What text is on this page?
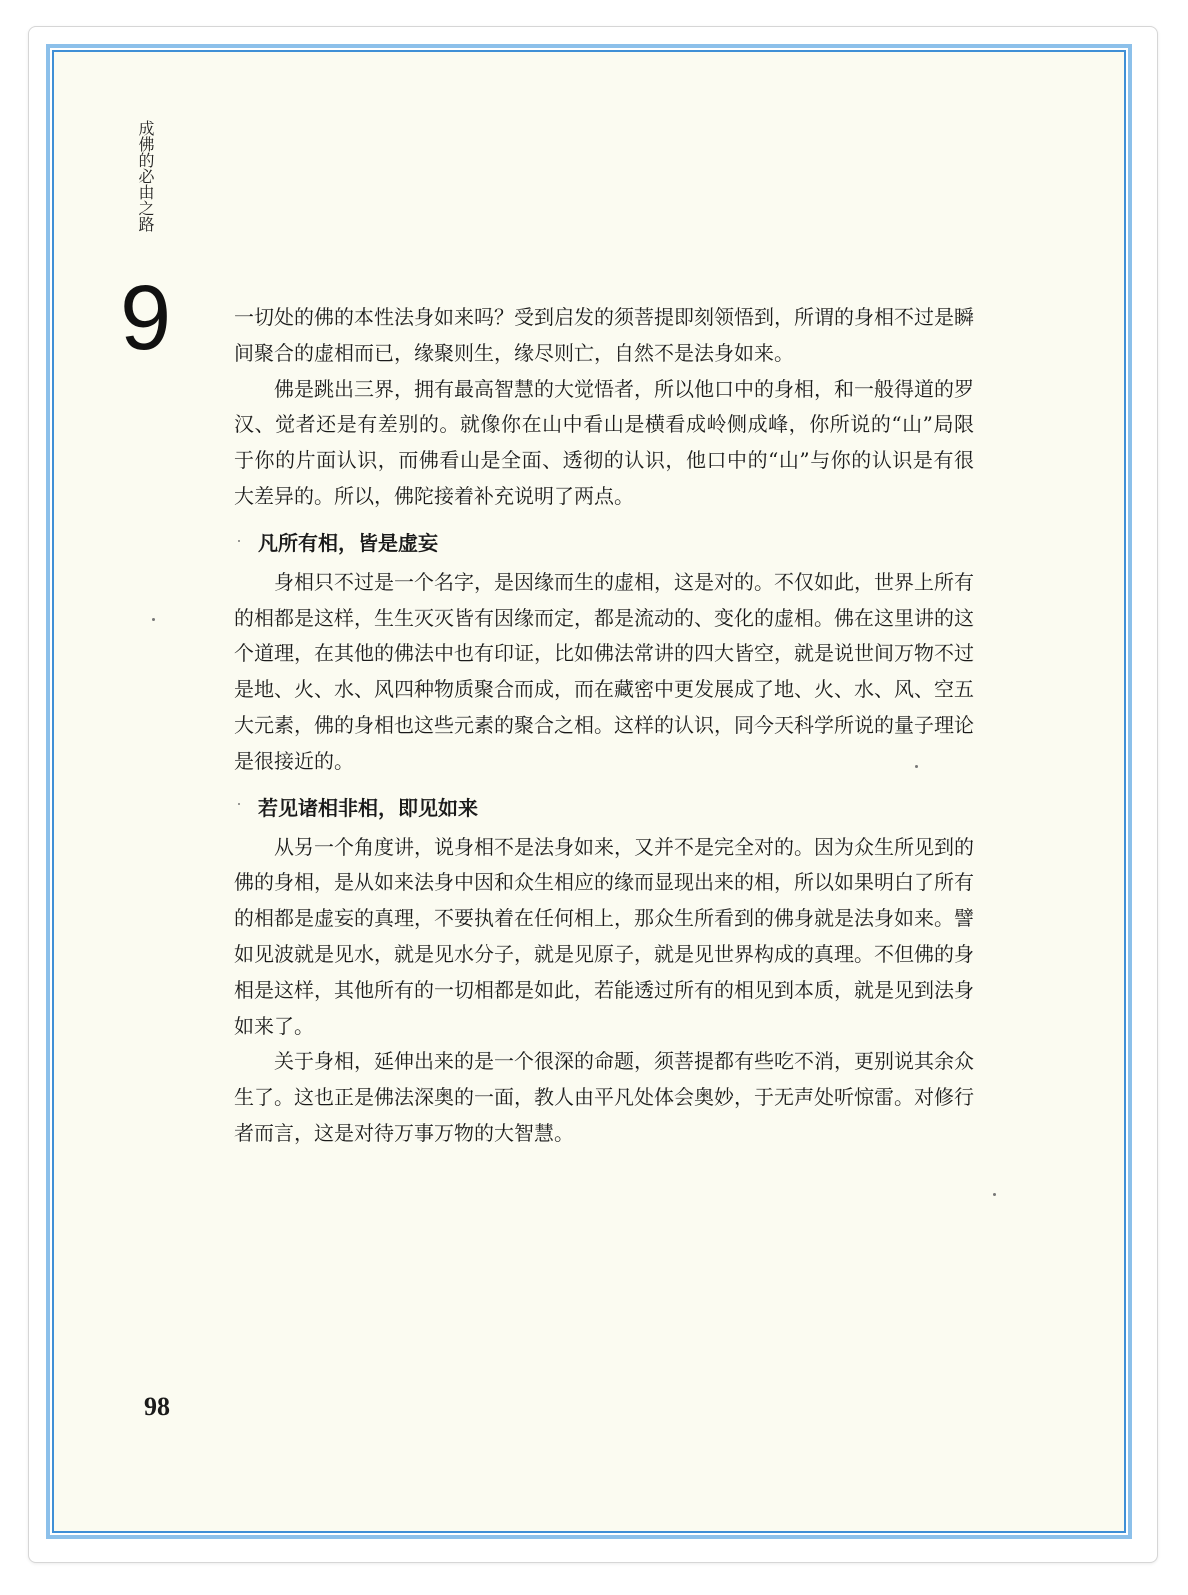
成佛的必由之路
9	一切处的佛的本性法身如来吗？受到启发的须菩提即刻领悟到，所谓的身相不过是瞬间聚合的虚相而已，缘聚则生，缘尽则亡，自然不是法身如来。

佛是跳出三界，拥有最高智慧的大觉悟者，所以他口中的身相，和一般得道的罗汉、觉者还是有差别的。就像你在山中看山是横看成岭侧成峰，你所说的“山”局限于你的片面认识，而佛看山是全面、透彻的认识，他口中的“山”与你的认识是有很大差异的。所以，佛陀接着补充说明了两点。

凡所有相，皆是虚妄

身相只不过是一个名字，是因缘而生的虚相，这是对的。不仅如此，世界上所有的相都是这样，生生灭灭皆有因缘而定，都是流动的、变化的虚相。佛在这里讲的这个道理，在其他的佛法中也有印证，比如佛法常讲的四大皆空，就是说世间万物不过是地、火、水、风四种物质聚合而成，而在藏密中更发展成了地、火、水、风、空五大元素，佛的身相也这些元素的聚合之相。这样的认识，同今天科学所说的量子理论是很接近的。

若见诸相非相，即见如来

从另一个角度讲，说身相不是法身如来，又并不是完全对的。因为众生所见到的佛的身相，是从如来法身中因和众生相应的缘而显现出来的相，所以如果明白了所有的相都是虚妄的真理，不要执着在任何相上，那众生所看到的佛身就是法身如来。譬如见波就是见水，就是见水分子，就是见原子，就是见世界构成的真理。不但佛的身相是这样，其他所有的一切相都是如此，若能透过所有的相见到本质，就是见到法身如来了。

关于身相，延伸出来的是一个很深的命题，须菩提都有些吃不消，更别说其余众生了。这也正是佛法深奥的一面，教人由平凡处体会奥妙，于无声处听惊雷。对修行者而言，这是对待万事万物的大智慧。

98
